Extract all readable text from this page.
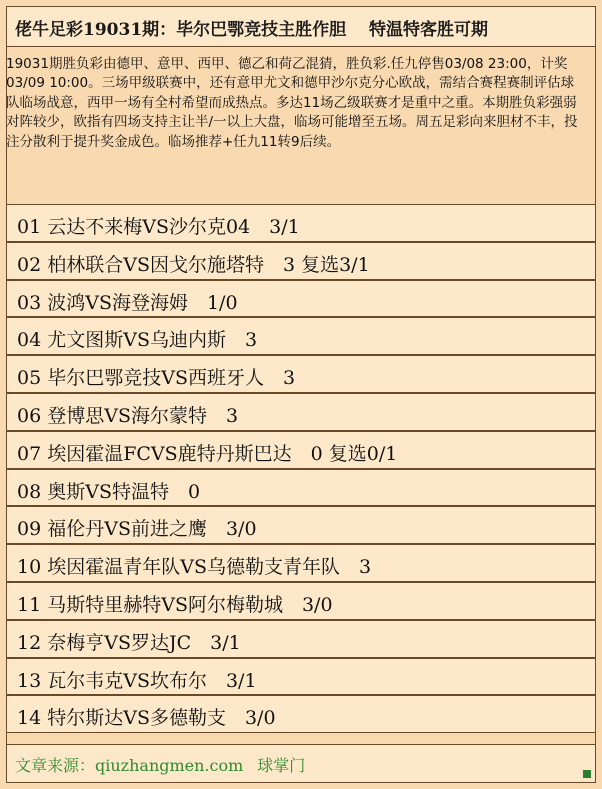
佬牛足彩19031期：毕尔巴鄂竞技主胜作胆　 特温特客胜可期
19031期胜负彩由德甲、意甲、西甲、德乙和荷乙混猜，胜负彩.任九停售03/08 23:00，计奖03/09 10:00。三场甲级联赛中，还有意甲尤文和德甲沙尔克分心欧战，需结合赛程赛制评估球队临场战意，西甲一场有全村希望而成热点。多达11场乙级联赛才是重中之重。本期胜负彩强弱对阵较少，欧指有四场支持主让半/一以上大盘，临场可能增至五场。周五足彩向来胆材不丰，投注分散利于提升奖金成色。临场推荐+任九11转9后续。
01 云达不来梅VS沙尔克04　3/1
02 柏林联合VS因戈尔施塔特　3 复选3/1
03 波鸿VS海登海姆　1/0
04 尤文图斯VS乌迪内斯　3
05 毕尔巴鄂竞技VS西班牙人　3
06 登博思VS海尔蒙特　3
07 埃因霍温FCVS鹿特丹斯巴达　0 复选0/1
08 奥斯VS特温特　0
09 福伦丹VS前进之鹰　3/0
10 埃因霍温青年队VS乌德勒支青年队　3
11 马斯特里赫特VS阿尔梅勒城　3/0
12 奈梅亨VS罗达JC　3/1
13 瓦尔韦克VS坎布尔　3/1
14 特尔斯达VS多德勒支　3/0
文章来源：qiuzhangmen.com 球掌门
